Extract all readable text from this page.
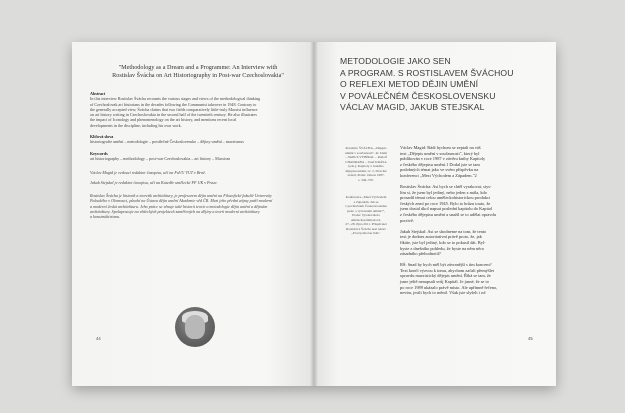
"Methodology as a Dream and a Programme: An Interview with
Rostislav Švácha on Art Historiography in Post-war Czechoslovakia"
Abstract
In this interview Rostislav Švácha recounts the various stages and views of the methodological thinking
of Czechoslovak art historians in the decades following the Communist takeover in 1948. Contrary to
the generally accepted view, Švácha claims that two fields comparatively little-truly Marxist influence
on art history writing in Czechoslovakia in the second half of the twentieth century. He also illustrates
the impact of Iconology and phenomenology on the art history, and mentions recent local
developments in the discipline, including his own work.
Klíčová slova
historiografie umění – metodologie – poválečné Československo – dějiny umění – marxismus
Keywords
art historiography – methodology – post-war Czechoslovakia – art history – Marxism
Václav Magid je vedoucí redaktor časopisu, učí na FaVU VUT v Brně.
Jakub Stejskal je redaktor časopisu, učí na Katedře umělecké FF UK v Praze.
Rostislav Švácha je historik a teoretik architektury, je profesorem dějin umění na Filozofické fakultě Univerzity
Palackého v Olomouci, působí na Ústavu dějin umění Akademie věd ČR. Mezi jeho přední zájmy patří moderní
a moderní česká architektura. Jeho práce se věnuje také historii teorie a metodologie dějin umění a dějinám
architektury. Spolupracuje na vědeckých projektech zaměřených na dějiny a teorii moderní architektury
a konstruktivismu.
44
METODOLOGIE JAKO SEN
A PROGRAM. S ROSTISLAVEM ŠVÁCHOU
O REFLEXI METOD DĚJIN UMĚNÍ
V POVÁLEČNÉM ČESKOSLOVENSKU
VÁCLAV MAGID, JAKUB STEJSKAL
Rostislav ŠVÁCHA, „Dějepis
umění v současnosti", in: Idem
– Jindřich VYBÍRAL – Rudolf
CHADRABA – Josef KRÁSA
(eds.), Kapitoly z českého
dějepisu umění, sv. 2, Dvacáté
století, Praha: Odeon 1987,
s. 349–370.
Konference „Mezi Východem
a Západem. Jak se
v poválečném Československu
psalo o výtvarném umění?",
Praha: Vysoká škola
uměleckoprůmyslová,
27.–28. října 2011. Přispěvatel
Rostislava Švácha nesl název
„Proti jednotou lidu".

Václav Magid: Rádi bychom se zeptali na váš
text „Dějepis umění v současnosti", který byl
publikován v roce 1987 v závěru knihy Kapitoly
z českého dějepisu umění.1 Dodal jste se tam
podobných témat jako ve svém příspěvku na
konferenci „Mezi Východem a Západem."2

Rostislav Švácha: Asi bych se chtěl vyrakovat, stys-
lím si, že jsem byl jediný, nebo jeden z mála, kdo
prosadil témat celou uměleckohistorickou produkci
českých zemí po roce 1945. Bylo to hrůzu touto, že
jsem dostal úkol napsat poslední kapitolu do Kapitol
z českého dějepisu umění a snažil se to udělat opravdu
poctivě.

Jakub Stejskal: Asi se shodneme na tom, že tento
text je dodnes autoritativní právě proto, že, jak
říkáte, jste byl jediný, kdo se to pokusil dát. Byl-
byste z dnešního pohledu, že byste na něm něco
zásadního přehodnotil?

RŠ: Snad by bych měl být závranější s tím koncem?
Text končí výzvou k tomu, abychom začali přemýšlet
opravdu marxistický dějepis umění. Říká se tam, že
jsme ještě nenapsali svůj Kapitál. Je jasné, že se to
po roce 1989 ukázalo právě místo. Ale upřímně řečeno,
nevím, jestli bych to měnil. Však jste slyšeli i od

45
